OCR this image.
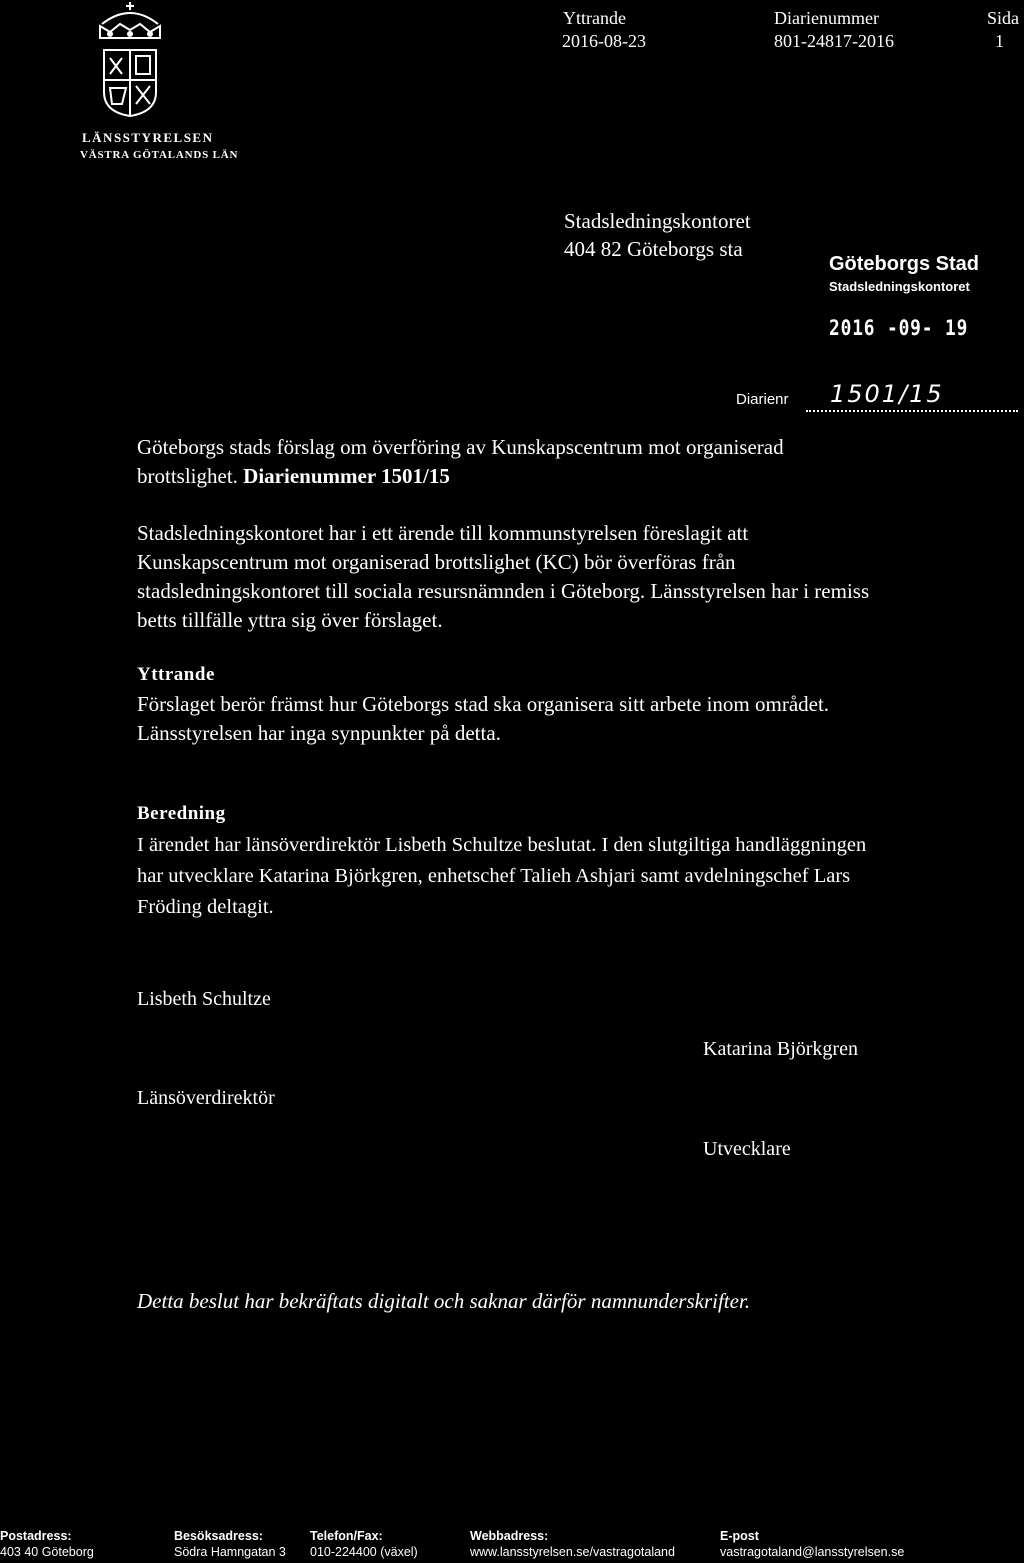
Yttrande
2016-08-23
Diarienummer
801-24817-2016
Sida
1
LÄNSSTYRELSEN
VÄSTRA GÖTALANDS LÄN
Stadsledningskontoret
404 82 Göteborgs sta
Göteborgs Stad
Stadsledningskontoret
2016 -09- 19
Diarienr 1501/15
Göteborgs stads förslag om överföring av Kunskapscentrum mot organiserad brottslighet. Diarienummer 1501/15
Stadsledningskontoret har i ett ärende till kommunstyrelsen föreslagit att Kunskapscentrum mot organiserad brottslighet (KC) bör överföras från stadsledningskontoret till sociala resursnämnden i Göteborg. Länsstyrelsen har i remiss betts tillfälle yttra sig över förslaget.
Yttrande
Förslaget berör främst hur Göteborgs stad ska organisera sitt arbete inom området. Länsstyrelsen har inga synpunkter på detta.
Beredning
I ärendet har länsöverdirektör Lisbeth Schultze beslutat. I den slutgiltiga handläggningen har utvecklare Katarina Björkgren, enhetschef Talieh Ashjari samt avdelningschef Lars Fröding deltagit.
Lisbeth Schultze
Länsöverdirektör
Katarina Björkgren
Utvecklare
Detta beslut har bekräftats digitalt och saknar därför namnunderskrifter.
Postadress:
403 40 Göteborg
Besöksadress:
Södra Hamngatan 3
Telefon/Fax:
010-224400 (växel)
Webbadress:
www.lansstyrelsen.se/vastragotaland
E-post
vastragotaland@lansstyrelsen.se
